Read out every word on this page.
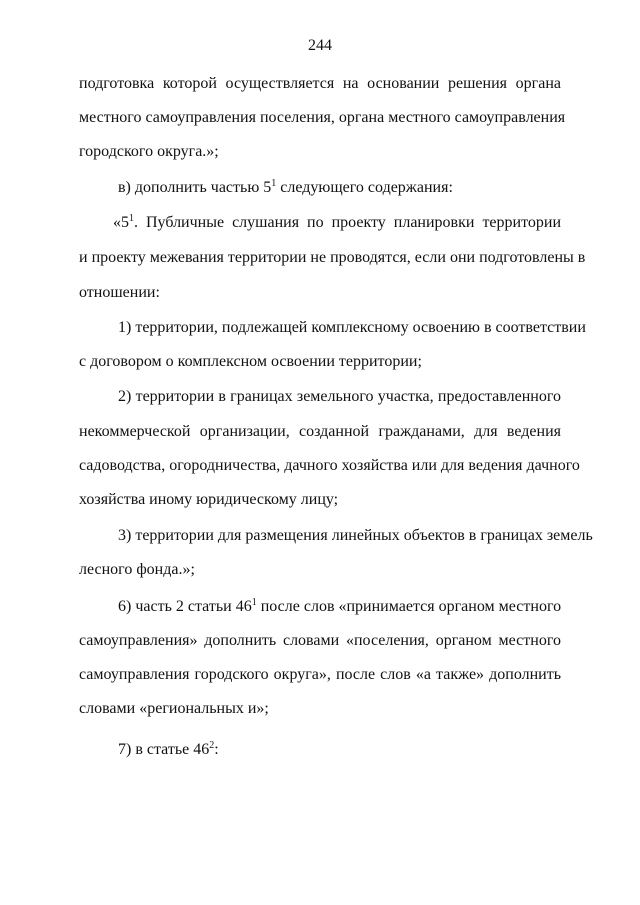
244
подготовка которой осуществляется на основании решения органа
местного самоуправления поселения, органа местного самоуправления
городского округа.»;
в) дополнить частью $5^1$ следующего содержания:
«$5^1$. Публичные слушания по проекту планировки территории
и проекту межевания территории не проводятся, если они подготовлены в
отношении:
1) территории, подлежащей комплексному освоению в соответствии
с договором о комплексном освоении территории;
2) территории в границах земельного участка, предоставленного
некоммерческой организации, созданной гражданами, для ведения
садоводства, огородничества, дачного хозяйства или для ведения дачного
хозяйства иному юридическому лицу;
3) территории для размещения линейных объектов в границах земель
лесного фонда.»;
6) часть 2 статьи $46^1$ после слов «принимается органом местного
самоуправления» дополнить словами «поселения, органом местного
самоуправления городского округа», после слов «а также» дополнить
словами «региональных и»;
7) в статье $46^2$:
